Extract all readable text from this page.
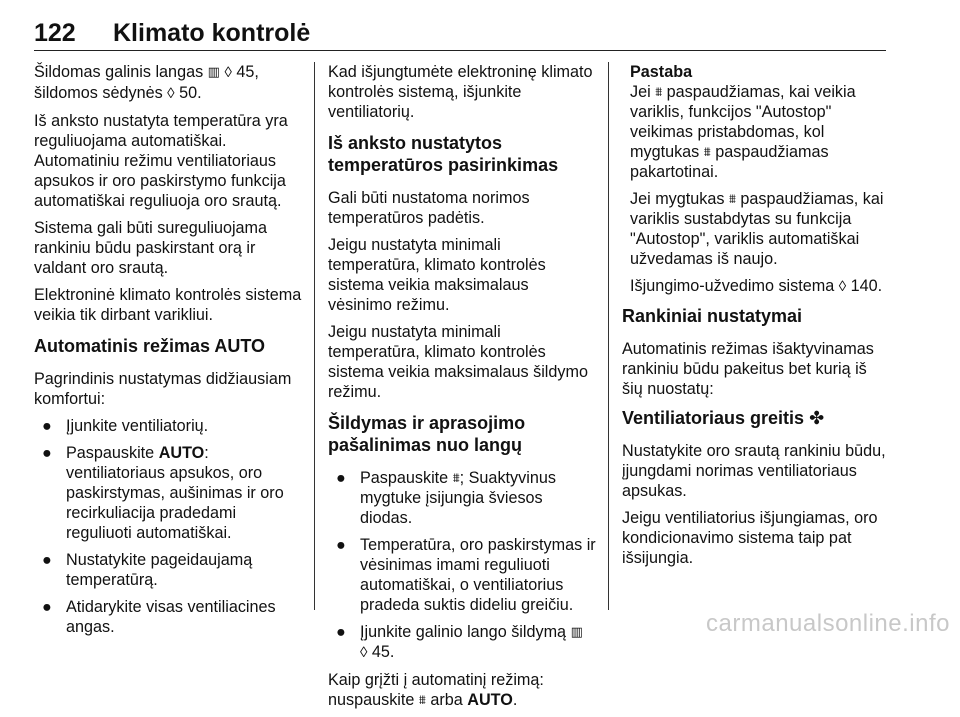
122 Klimato kontrolė

Šildomas galinis langas ▥ ◊ 45,
šildomos sėdynės ◊ 50.

Iš anksto nustatyta temperatūra yra reguliuojama automatiškai. Automatiniu režimu ventiliatoriaus apsukos ir oro paskirstymo funkcija automatiškai reguliuoja oro srautą.

Sistema gali būti sureguliuojama rankiniu būdu paskirstant orą ir valdant oro srautą.

Elektroninė klimato kontrolės sistema veikia tik dirbant varikliui.

Automatinis režimas AUTO

Pagrindinis nustatymas didžiausiam komfortui:

● Įjunkite ventiliatorių.
● Paspauskite AUTO: ventiliatoriaus apsukos, oro paskirstymas, aušinimas ir oro recirkuliacija pradedami reguliuoti automatiškai.
● Nustatykite pageidaujamą temperatūrą.
● Atidarykite visas ventiliacines angas.

Kad išjungtumėte elektroninę klimato kontrolės sistemą, išjunkite ventiliatorių.

Iš anksto nustatytos temperatūros pasirinkimas

Gali būti nustatoma norimos temperatūros padėtis.

Jeigu nustatyta minimali temperatūra, klimato kontrolės sistema veikia maksimalaus vėsinimo režimu.

Jeigu nustatyta minimali temperatūra, klimato kontrolės sistema veikia maksimalaus šildymo režimu.

Šildymas ir aprasojimo pašalinimas nuo langų
● Paspauskite ⩩; Suaktyvinus mygtuke įsijungia šviesos diodas.
● Temperatūra, oro paskirstymas ir vėsinimas imami reguliuoti automatiškai, o ventiliatorius pradeda suktis dideliu greičiu.
● Įjunkite galinio lango šildymą ▥
◊ 45.

Kaip grįžti į automatinį režimą: nuspauskite ⩩ arba AUTO.

Pastaba

Jei ⩩ paspaudžiamas, kai veikia variklis, funkcijos "Autostop" veikimas pristabdomas, kol mygtukas ⩩ paspaudžiamas pakartotinai.

Jei mygtukas ⩩ paspaudžiamas, kai variklis sustabdytas su funkcija "Autostop", variklis automatiškai užvedamas iš naujo.

Išjungimo-užvedimo sistema ◊ 140.

Rankiniai nustatymai

Automatinis režimas išaktyvinamas rankiniu būdu pakeitus bet kurią iš šių nuostatų:

Ventiliatoriaus greitis ✤

Nustatykite oro srautą rankiniu būdu, įjungdami norimas ventiliatoriaus apsukas.

Jeigu ventiliatorius išjungiamas, oro kondicionavimo sistema taip pat išsijungia.

carmanualsonline.info
